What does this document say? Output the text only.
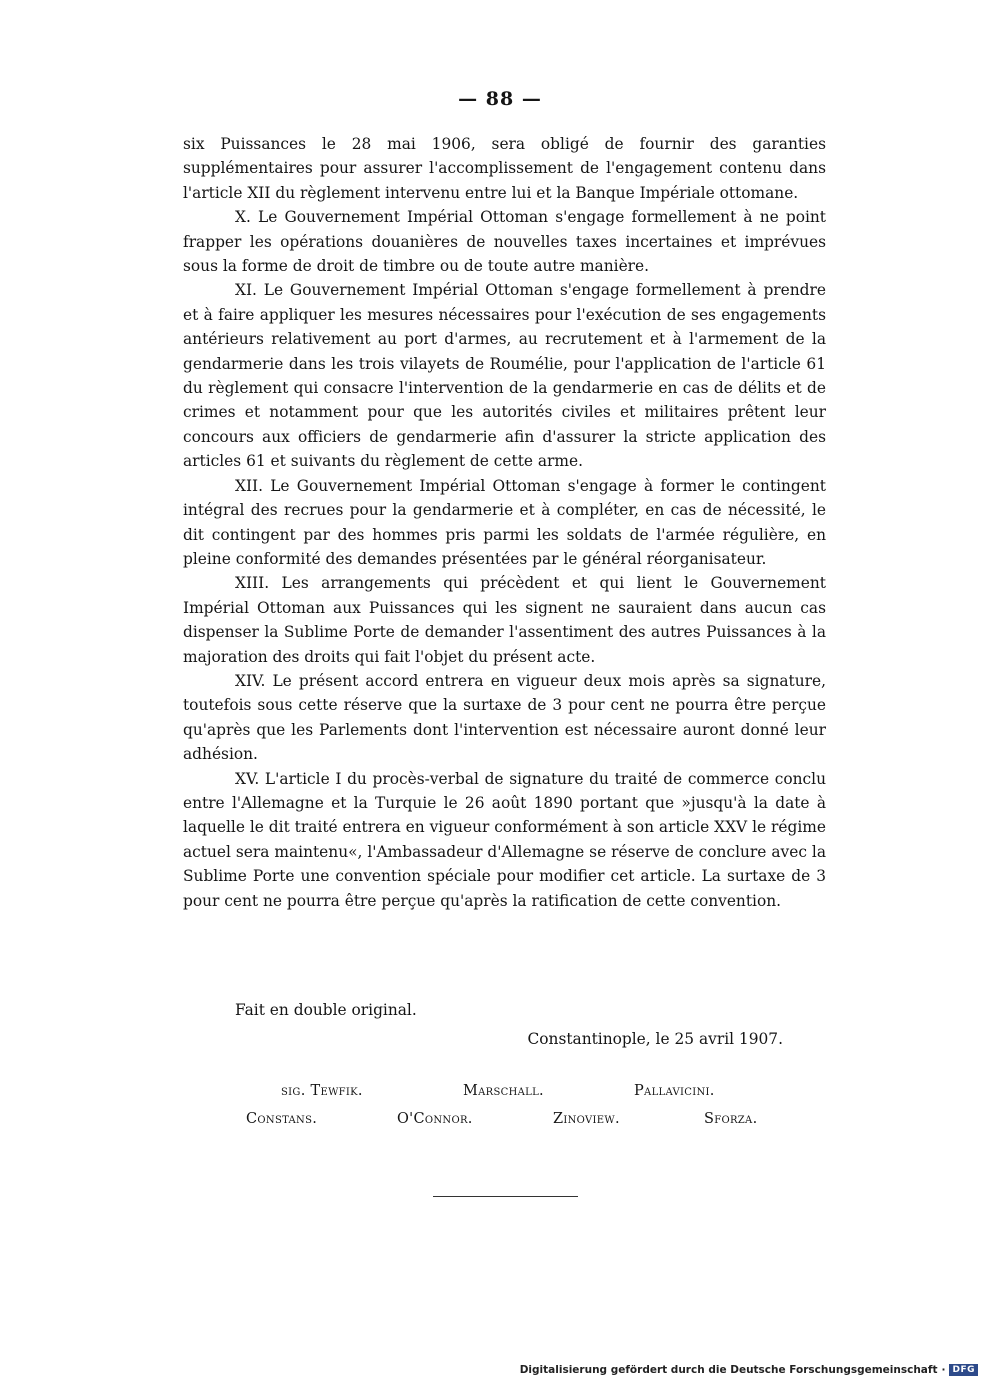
— 88 —

six Puissances le 28 mai 1906, sera obligé de fournir des garanties supplémentaires pour assurer l'accomplissement de l'engagement contenu dans l'article XII du règlement intervenu entre lui et la Banque Impériale ottomane.

X. Le Gouvernement Impérial Ottoman s'engage formellement à ne point frapper les opérations douanières de nouvelles taxes incertaines et imprévues sous la forme de droit de timbre ou de toute autre manière.

XI. Le Gouvernement Impérial Ottoman s'engage formellement à prendre et à faire appliquer les mesures nécessaires pour l'exécution de ses engagements antérieurs relativement au port d'armes, au recrutement et à l'armement de la gendarmerie dans les trois vilayets de Roumélie, pour l'application de l'article 61 du règlement qui consacre l'intervention de la gendarmerie en cas de délits et de crimes et notamment pour que les autorités civiles et militaires prêtent leur concours aux officiers de gendarmerie afin d'assurer la stricte application des articles 61 et suivants du règlement de cette arme.

XII. Le Gouvernement Impérial Ottoman s'engage à former le contingent intégral des recrues pour la gendarmerie et à compléter, en cas de nécessité, le dit contingent par des hommes pris parmi les soldats de l'armée régulière, en pleine conformité des demandes présentées par le général réorganisateur.

XIII. Les arrangements qui précèdent et qui lient le Gouvernement Impérial Ottoman aux Puissances qui les signent ne sauraient dans aucun cas dispenser la Sublime Porte de demander l'assentiment des autres Puissances à la majoration des droits qui fait l'objet du présent acte.

XIV. Le présent accord entrera en vigueur deux mois après sa signature, toutefois sous cette réserve que la surtaxe de 3 pour cent ne pourra être perçue qu'après que les Parlements dont l'intervention est nécessaire auront donné leur adhésion.

XV. L'article I du procès-verbal de signature du traité de commerce conclu entre l'Allemagne et la Turquie le 26 août 1890 portant que »jusqu'à la date à laquelle le dit traité entrera en vigueur conformément à son article XXV le régime actuel sera maintenu«, l'Ambassadeur d'Allemagne se réserve de conclure avec la Sublime Porte une convention spéciale pour modifier cet article. La surtaxe de 3 pour cent ne pourra être perçue qu'après la ratification de cette convention.

Fait en double original.
Constantinople, le 25 avril 1907.
sig. Tewfik.	Marschall.	Pallavicini.
Constans.	O'Connor.	Zinoview.	Sforza.
Digitalisierung gefördert durch die Deutsche Forschungsgemeinschaft · DFG
